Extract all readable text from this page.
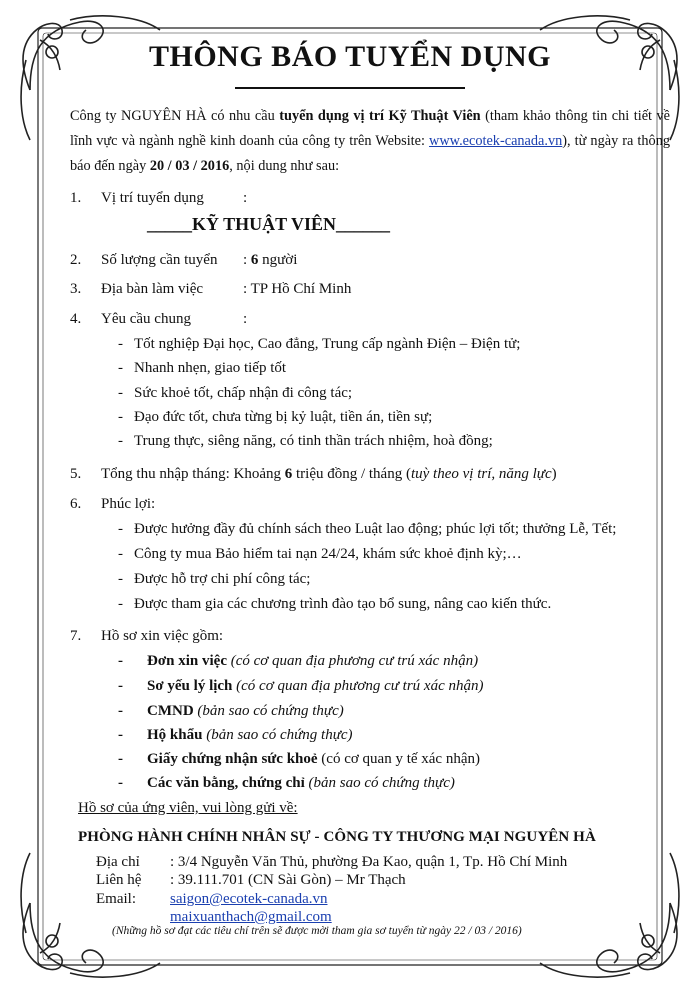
THÔNG BÁO TUYỂN DỤNG
Công ty NGUYÊN HÀ có nhu cầu tuyển dụng vị trí Kỹ Thuật Viên (tham khảo thông tin chi tiết về lĩnh vực và ngành nghề kinh doanh của công ty trên Website: www.ecotek-canada.vn), từ ngày ra thông báo đến ngày 20 / 03 / 2016, nội dung như sau:
1. Vị trí tuyển dụng	:
_____KỸ THUẬT VIÊN______
2. Số lượng cần tuyển : 6 người
3. Địa bàn làm việc	: TP Hồ Chí Minh
4. Yêu cầu chung	:
- Tốt nghiệp Đại học, Cao đẳng, Trung cấp ngành Điện – Điện tử;
- Nhanh nhẹn, giao tiếp tốt
- Sức khoẻ tốt, chấp nhận đi công tác;
- Đạo đức tốt, chưa từng bị kỷ luật, tiền án, tiền sự;
- Trung thực, siêng năng, có tinh thần trách nhiệm, hoà đồng;
5. Tổng thu nhập tháng: Khoảng 6 triệu đồng / tháng (tuỳ theo vị trí, năng lực)
6. Phúc lợi:
- Được hưởng đầy đủ chính sách theo Luật lao động; phúc lợi tốt; thưởng Lễ, Tết;
- Công ty mua Bảo hiểm tai nạn 24/24, khám sức khoẻ định kỳ;…
- Được hỗ trợ chi phí công tác;
- Được tham gia các chương trình đào tạo bổ sung, nâng cao kiến thức.
7. Hồ sơ xin việc gồm:
- Đơn xin việc (có cơ quan địa phương cư trú xác nhận)
- Sơ yếu lý lịch (có cơ quan địa phương cư trú xác nhận)
- CMND (bản sao có chứng thực)
- Hộ khẩu (bản sao có chứng thực)
- Giấy chứng nhận sức khoẻ (có cơ quan y tế xác nhận)
- Các văn bằng, chứng chỉ (bản sao có chứng thực)
Hồ sơ của ứng viên, vui lòng gửi về:
PHÒNG HÀNH CHÍNH NHÂN SỰ - CÔNG TY THƯƠNG MẠI NGUYÊN HÀ
Địa chỉ : 3/4 Nguyễn Văn Thủ, phường Đa Kao, quận 1, Tp. Hồ Chí Minh
Liên hệ : 39.111.701 (CN Sài Gòn) – Mr Thạch
Email: saigon@ecotek-canada.vn
maixuanthach@gmail.com
(Những hồ sơ đạt các tiêu chí trên sẽ được mời tham gia sơ tuyển từ ngày 22 / 03 / 2016)
